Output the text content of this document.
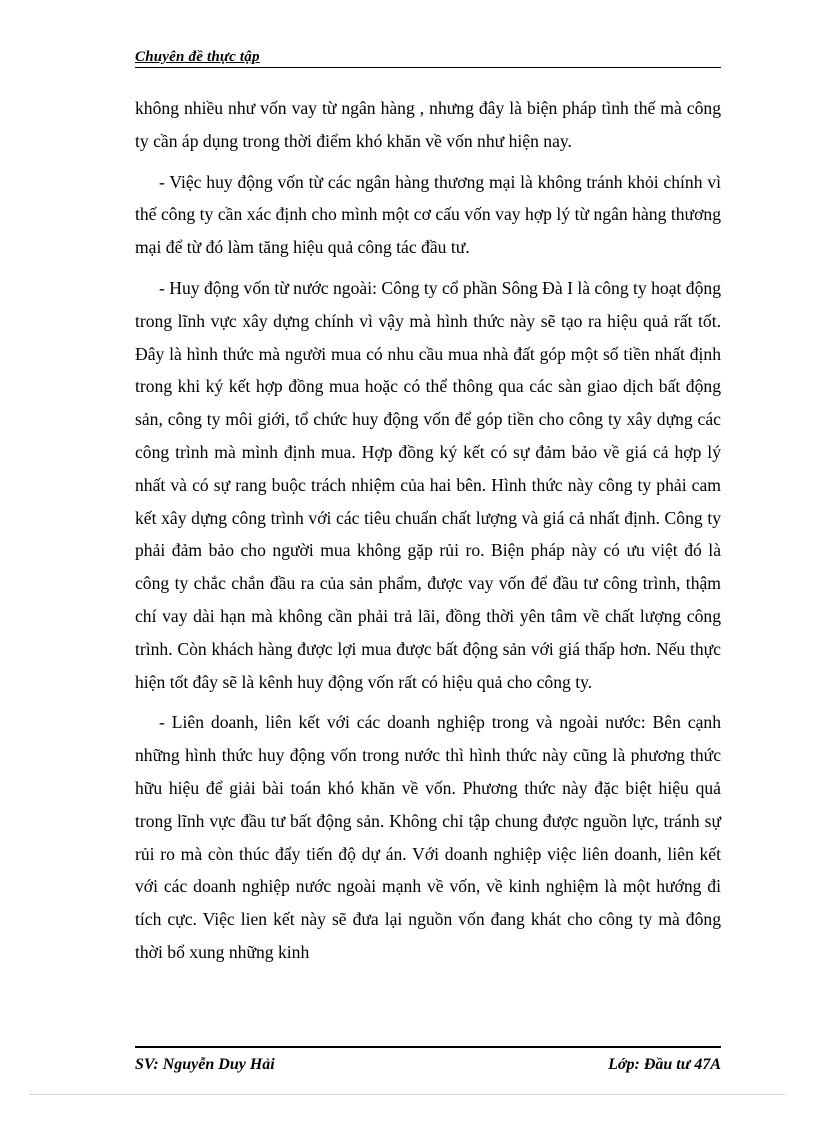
Chuyên đề thực tập

không nhiều như vốn vay từ ngân hàng , nhưng đây là biện pháp tình thế mà công ty cần áp dụng trong thời điểm khó khăn về vốn như hiện nay.

- Việc huy động vốn từ các ngân hàng thương mại là không tránh khỏi chính vì thế công ty cần xác định cho mình một cơ cấu vốn vay hợp lý từ ngân hàng thương mại để từ đó làm tăng hiệu quả công tác đầu tư.

- Huy động vốn từ nước ngoài: Công ty cổ phần Sông Đà I là công ty hoạt động trong lĩnh vực xây dựng chính vì vậy mà hình thức này sẽ tạo ra hiệu quả rất tốt. Đây là hình thức mà người mua có nhu cầu mua nhà đất góp một số tiền nhất định trong khi ký kết hợp đồng mua hoặc có thể thông qua các sàn giao dịch bất động sản, công ty môi giới, tổ chức huy động vốn để góp tiền cho công ty xây dựng các công trình mà mình định mua. Hợp đồng ký kết có sự đảm bảo về giá cả hợp lý nhất và có sự rang buộc trách nhiệm của hai bên. Hình thức này công ty phải cam kết xây dựng công trình với các tiêu chuẩn chất lượng và giá cả nhất định. Công ty phải đảm bảo cho người mua không gặp rủi ro. Biện pháp này có ưu việt đó là công ty chắc chắn đầu ra của sản phẩm, được vay vốn để đầu tư công trình, thậm chí vay dài hạn mà không cần phải trả lãi, đồng thời yên tâm về chất lượng công trình. Còn khách hàng được lợi mua được bất động sản với giá thấp hơn. Nếu thực hiện tốt đây sẽ là kênh huy động vốn rất có hiệu quả cho công ty.

- Liên doanh, liên kết với các doanh nghiệp trong và ngoài nước: Bên cạnh những hình thức huy động vốn trong nước thì hình thức này cũng là phương thức hữu hiệu để giải bài toán khó khăn về vốn. Phương thức này đặc biệt hiệu quả trong lĩnh vực đầu tư bất động sản. Không chỉ tập chung được nguồn lực, tránh sự rủi ro mà còn thúc đẩy tiến độ dự án. Với doanh nghiệp việc liên doanh, liên kết với các doanh nghiệp nước ngoài mạnh về vốn, về kinh nghiệm là một hướng đi tích cực. Việc lien kết này sẽ đưa lại nguồn vốn đang khát cho công ty mà đông thời bổ xung những kinh

SV: Nguyễn Duy Hải	Lớp: Đầu tư 47A
